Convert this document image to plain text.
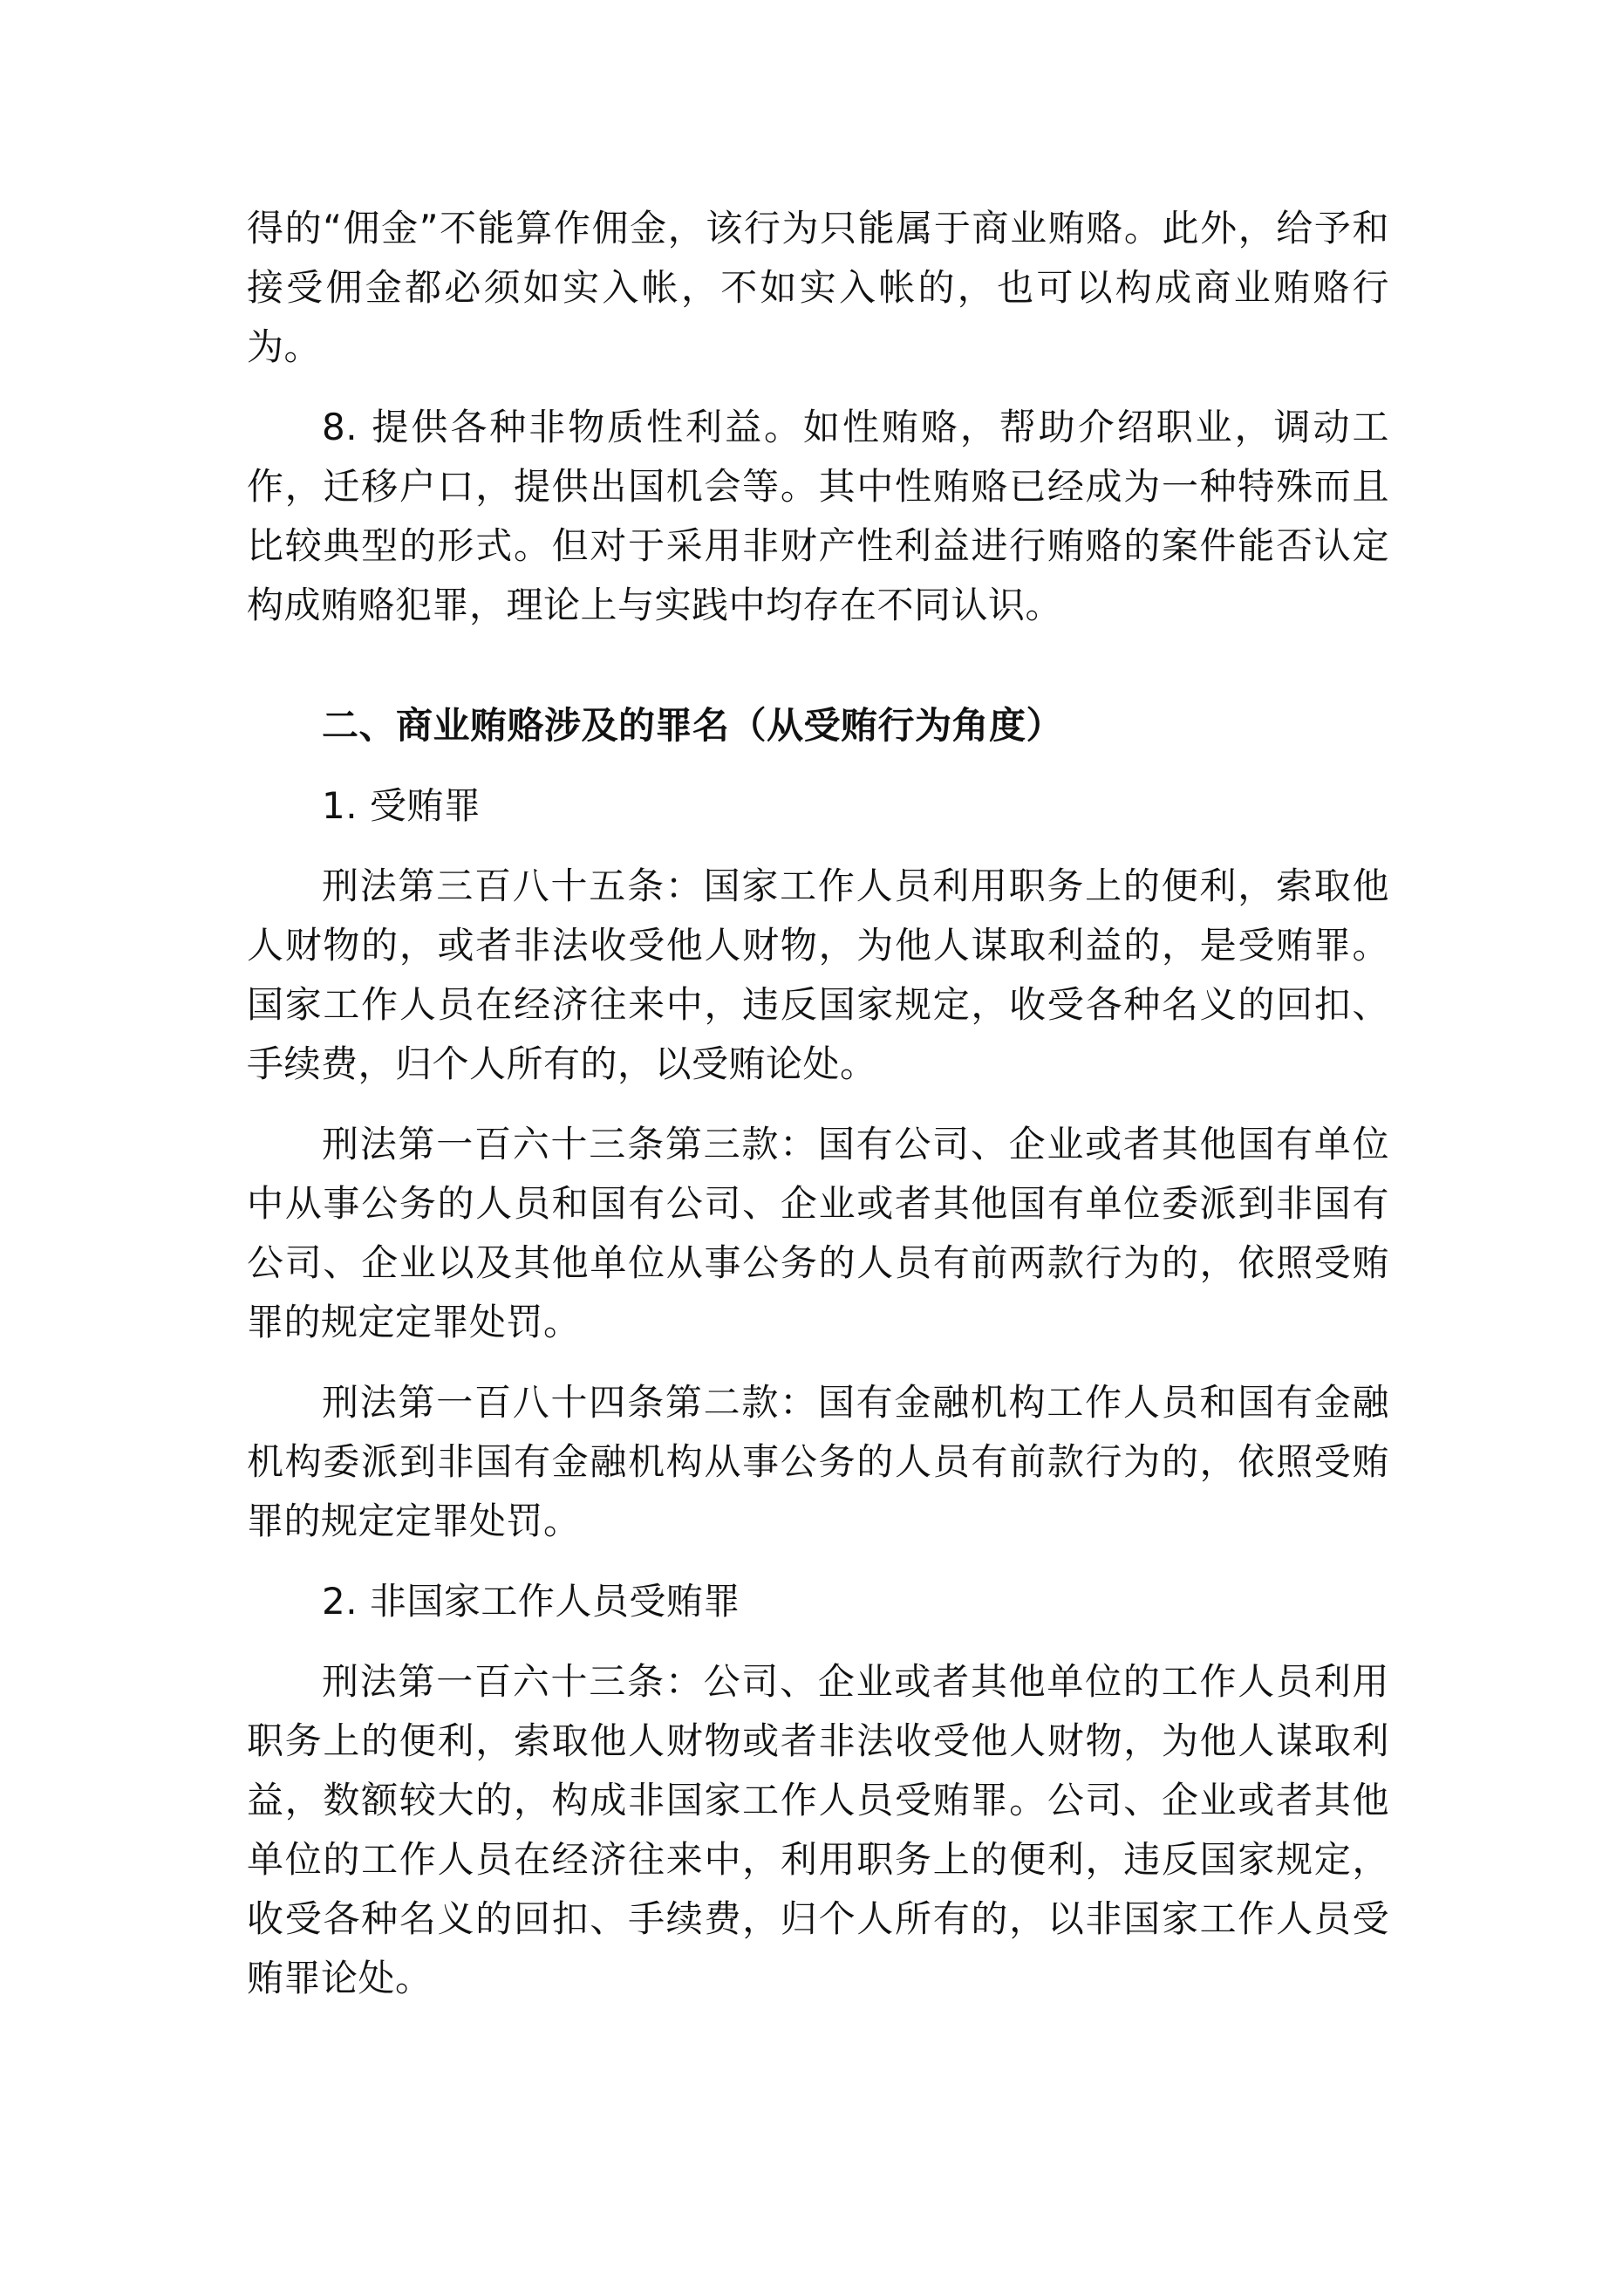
得的“佣金”不能算作佣金，该行为只能属于商业贿赂。此外，给予和接受佣金都必须如实入帐，不如实入帐的，也可以构成商业贿赂行为。

8. 提供各种非物质性利益。如性贿赂，帮助介绍职业，调动工作，迁移户口，提供出国机会等。其中性贿赂已经成为一种特殊而且比较典型的形式。但对于采用非财产性利益进行贿赂的案件能否认定构成贿赂犯罪，理论上与实践中均存在不同认识。

二、商业贿赂涉及的罪名（从受贿行为角度）

1. 受贿罪

刑法第三百八十五条：国家工作人员利用职务上的便利，索取他人财物的，或者非法收受他人财物，为他人谋取利益的，是受贿罪。国家工作人员在经济往来中，违反国家规定，收受各种名义的回扣、手续费，归个人所有的，以受贿论处。

刑法第一百六十三条第三款：国有公司、企业或者其他国有单位中从事公务的人员和国有公司、企业或者其他国有单位委派到非国有公司、企业以及其他单位从事公务的人员有前两款行为的，依照受贿罪的规定定罪处罚。

刑法第一百八十四条第二款：国有金融机构工作人员和国有金融机构委派到非国有金融机构从事公务的人员有前款行为的，依照受贿罪的规定定罪处罚。

2. 非国家工作人员受贿罪

刑法第一百六十三条：公司、企业或者其他单位的工作人员利用职务上的便利，索取他人财物或者非法收受他人财物，为他人谋取利益，数额较大的，构成非国家工作人员受贿罪。公司、企业或者其他单位的工作人员在经济往来中，利用职务上的便利，违反国家规定，收受各种名义的回扣、手续费，归个人所有的，以非国家工作人员受贿罪论处。
